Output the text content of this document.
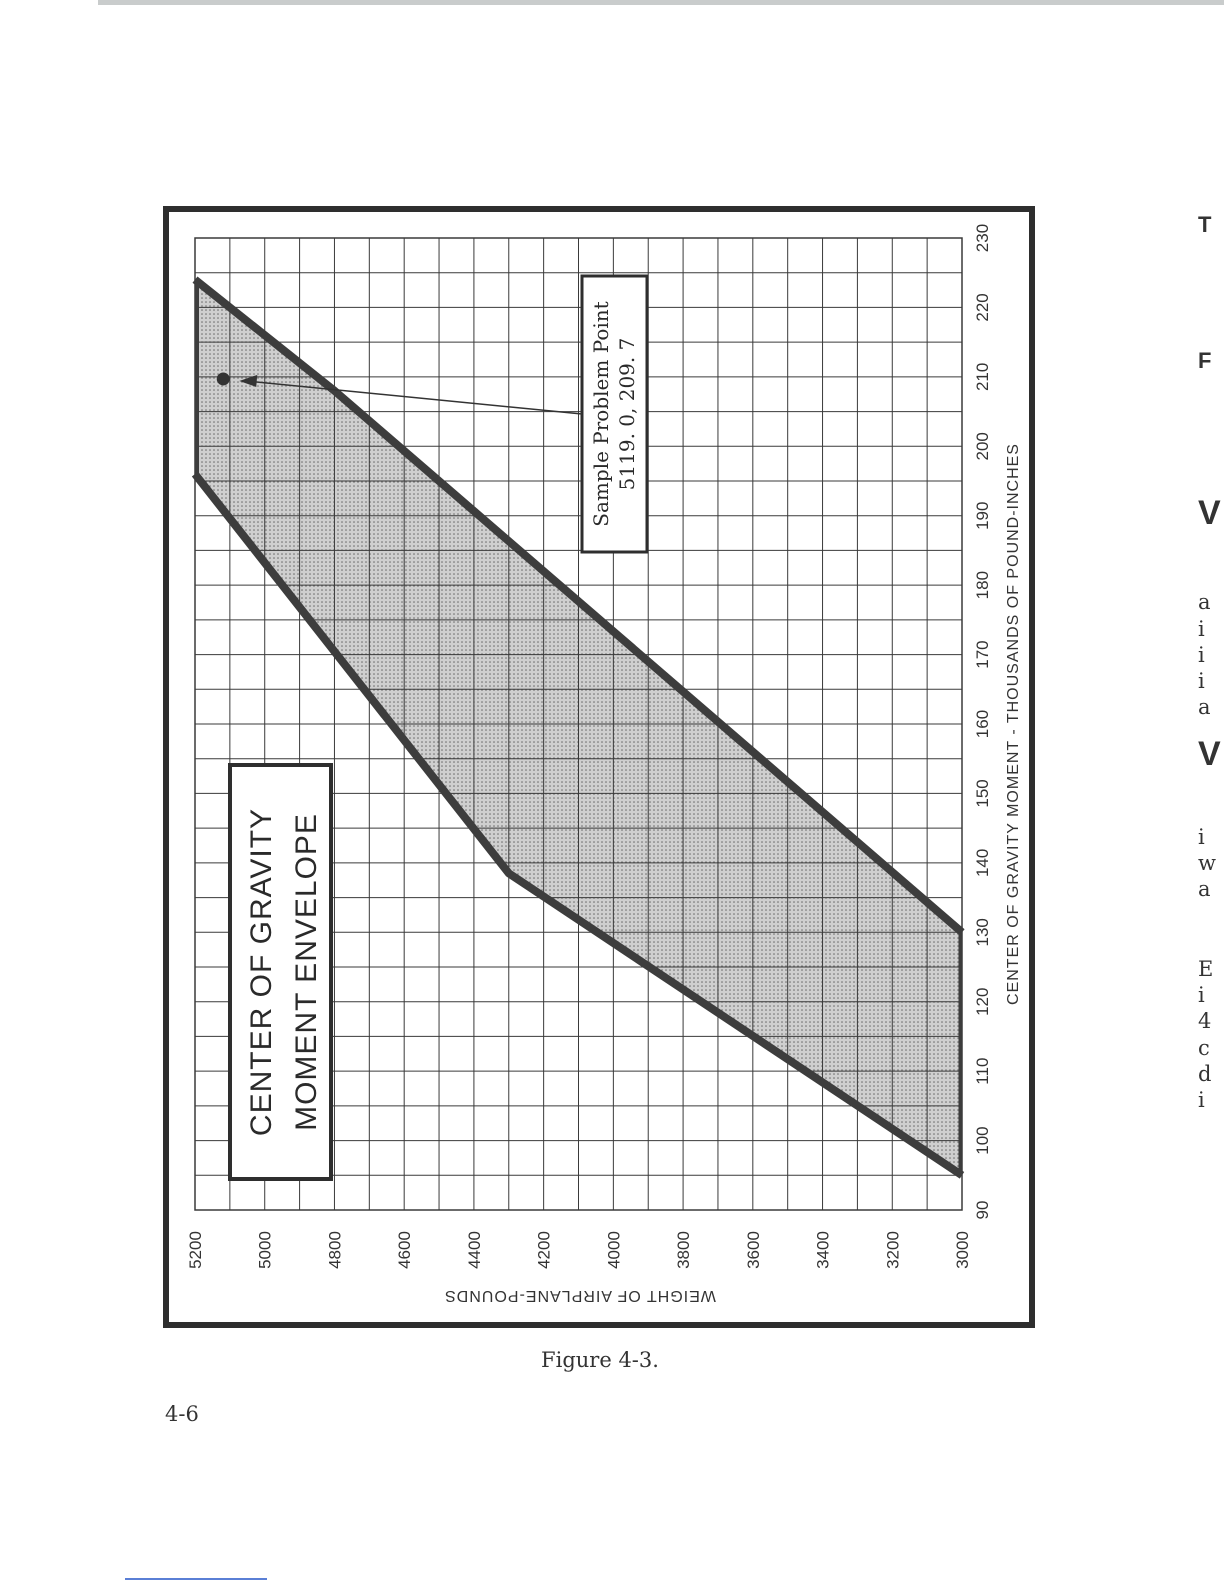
90
100
110
120
130
140
150
160
170
180
190
200
210
220
230
5200	5000	4800	4600	4400	4200	4000	3800	3600	3400	3200	3000
CENTER OF GRAVITY MOMENT - THOUSANDS OF POUND-INCHES
WEIGHT OF AIRPLANE-POUNDS
CENTER OF GRAVITY MOMENT ENVELOPE
Sample Problem Point 5119. 0, 209. 7
Figure 4-3.
4-6
T
F
V
a
i
i
i
a
V
i
w
a
E
i
4
c
d
i
